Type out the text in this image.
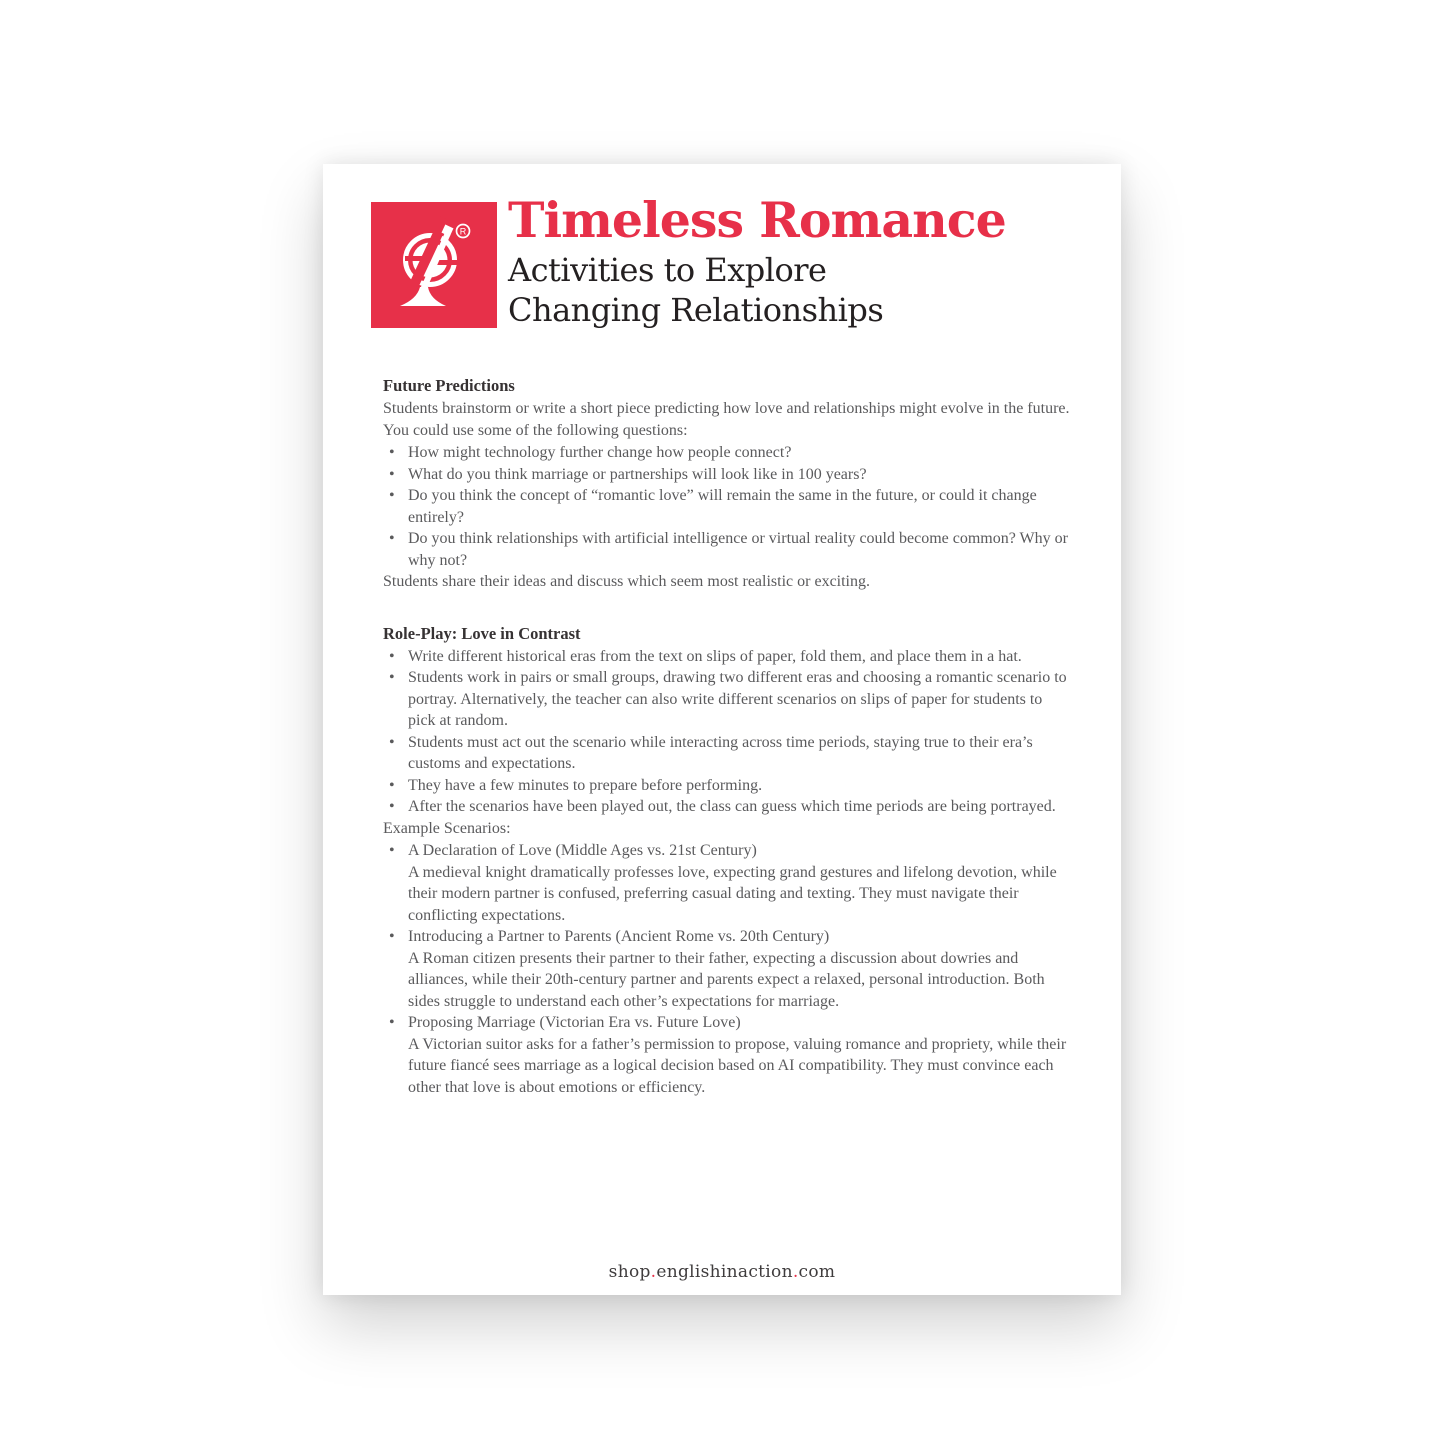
R Timeless Romance
Activities to Explore
Changing Relationships
Future Predictions

Students brainstorm or write a short piece predicting how love and relationships might evolve in the future. You could use some of the following questions:

• How might technology further change how people connect?
• What do you think marriage or partnerships will look like in 100 years?
• Do you think the concept of “romantic love” will remain the same in the future, or could it change entirely?
• Do you think relationships with artificial intelligence or virtual reality could become common? Why or why not?

Students share their ideas and discuss which seem most realistic or exciting.

Role-Play: Love in Contrast
• Write different historical eras from the text on slips of paper, fold them, and place them in a hat.
• Students work in pairs or small groups, drawing two different eras and choosing a romantic scenario to portray. Alternatively, the teacher can also write different scenarios on slips of paper for students to pick at random.
• Students must act out the scenario while interacting across time periods, staying true to their era’s customs and expectations.
• They have a few minutes to prepare before performing.
• After the scenarios have been played out, the class can guess which time periods are being portrayed.

Example Scenarios:

• A Declaration of Love (Middle Ages vs. 21st Century)
A medieval knight dramatically professes love, expecting grand gestures and lifelong devotion, while their modern partner is confused, preferring casual dating and texting. They must navigate their conflicting expectations.
• Introducing a Partner to Parents (Ancient Rome vs. 20th Century)
A Roman citizen presents their partner to their father, expecting a discussion about dowries and alliances, while their 20th-century partner and parents expect a relaxed, personal introduction. Both sides struggle to understand each other’s expectations for marriage.
• Proposing Marriage (Victorian Era vs. Future Love)
A Victorian suitor asks for a father’s permission to propose, valuing romance and propriety, while their future fiancé sees marriage as a logical decision based on AI compatibility. They must convince each other that love is about emotions or efficiency.
shop.englishinaction.com
